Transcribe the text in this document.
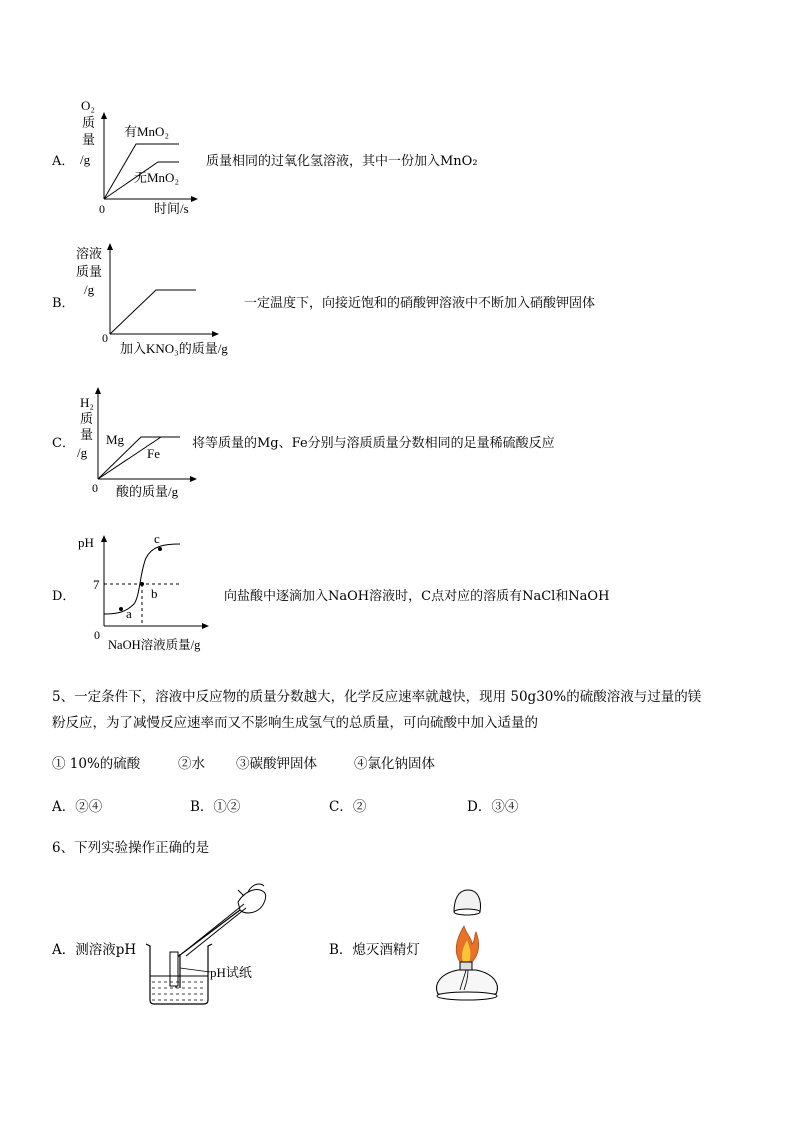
A．
O₂
质
量
/g
有MnO₂
无MnO₂
0	时间/s
质量相同的过氧化氢溶液，其中一份加入MnO₂
B．
溶液
质量
/g
0
加入KNO₃的质量/g
一定温度下，向接近饱和的硝酸钾溶液中不断加入硝酸钾固体
C．
H₂
质
量
/g
Mg
Fe
0 酸的质量/g
将等质量的Mg、Fe分别与溶质质量分数相同的足量稀硫酸反应
D．
pH
a
b
c
7
0
NaOH溶液质量/g
向盐酸中逐滴加入NaOH溶液时，C点对应的溶质有NaCl和NaOH
5、一定条件下，溶液中反应物的质量分数越大，化学反应速率就越快，现用 50g30%的硫酸溶液与过量的镁
粉反应，为了减慢反应速率而又不影响生成氢气的总质量，可向硫酸中加入适量的
① 10%的硫酸	②水 ③碳酸钾固体	④氯化钠固体
A．②④	B．①②	C．②	D．③④
6、下列实验操作正确的是
A．测溶液pH
pH试纸
B．熄灭酒精灯
